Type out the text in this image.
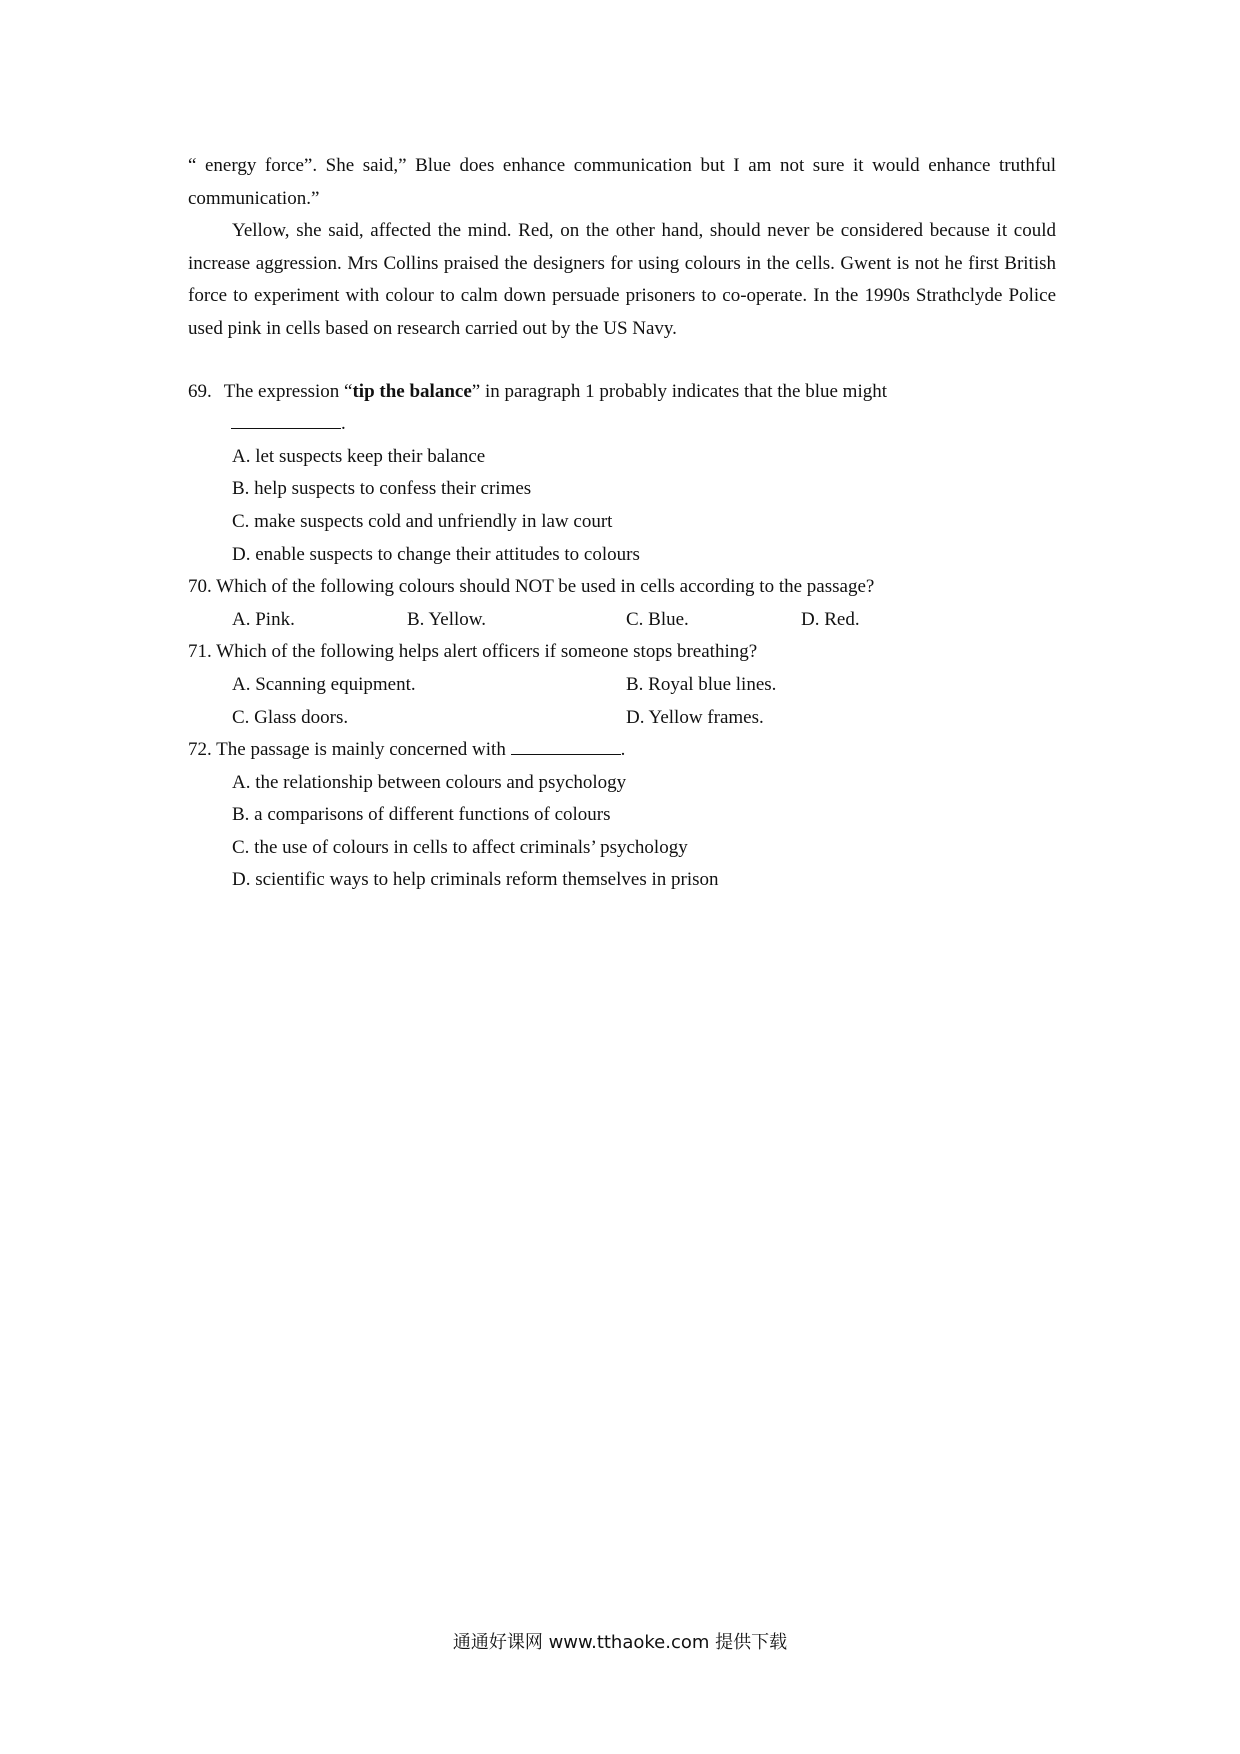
“ energy force”. She said,” Blue does enhance communication but I am not sure it would enhance truthful communication.”

Yellow, she said, affected the mind. Red, on the other hand, should never be considered because it could increase aggression. Mrs Collins praised the designers for using colours in the cells. Gwent is not he first British force to experiment with colour to calm down persuade prisoners to co-operate. In the 1990s Strathclyde Police used pink in cells based on research carried out by the US Navy.

69. The expression “tip the balance” in paragraph 1 probably indicates that the blue might

.

A. let suspects keep their balance

B. help suspects to confess their crimes

C. make suspects cold and unfriendly in law court

D. enable suspects to change their attitudes to colours

70. Which of the following colours should NOT be used in cells according to the passage?

A. Pink.	B. Yellow.	C. Blue.	D. Red.

71. Which of the following helps alert officers if someone stops breathing?

A. Scanning equipment.	B. Royal blue lines.
C. Glass doors.	D. Yellow frames.

72. The passage is mainly concerned with	.

A. the relationship between colours and psychology

B. a comparisons of different functions of colours

C. the use of colours in cells to affect criminals’ psychology

D. scientific ways to help criminals reform themselves in prison

通通好课网 www.tthaoke.com 提供下载
